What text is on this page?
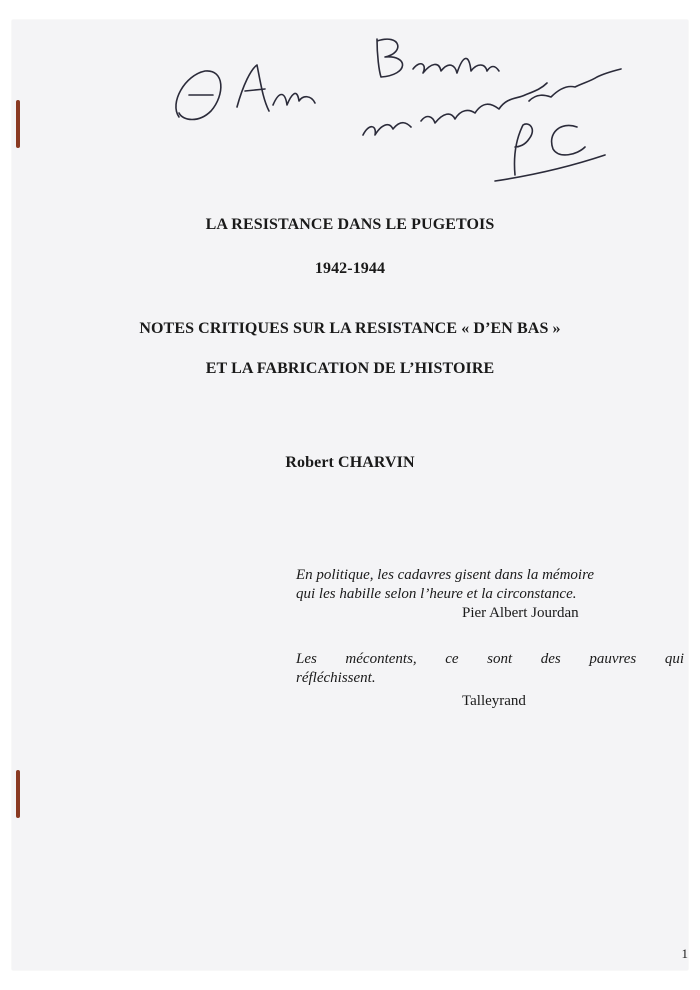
LA RESISTANCE DANS LE PUGETOIS
1942-1944
NOTES CRITIQUES SUR LA RESISTANCE « D’EN BAS »
ET LA FABRICATION DE L’HISTOIRE
Robert CHARVIN
En politique, les cadavres gisent dans la mémoire
qui les habille selon l’heure et la circonstance.
Pier Albert Jourdan
Les mécontents, ce sont des pauvres qui
réfléchissent.
Talleyrand
1
